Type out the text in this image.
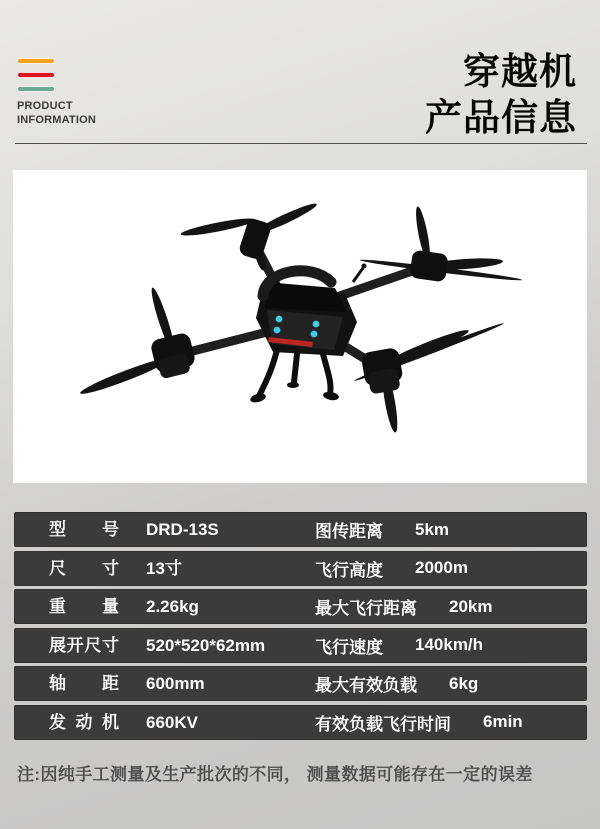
PRODUCT
INFORMATION
穿越机
产品信息
型号 DRD-13S	图传距离 5km
尺寸 13寸	飞行高度 2000m
重量 2.26kg	最大飞行距离 20km
展开尺寸 520*520*62mm	飞行速度 140km/h
轴距 600mm	最大有效负载 6kg
发动机 660KV	有效负载飞行时间 6min
注:因纯手工测量及生产批次的不同， 测量数据可能存在一定的误差
